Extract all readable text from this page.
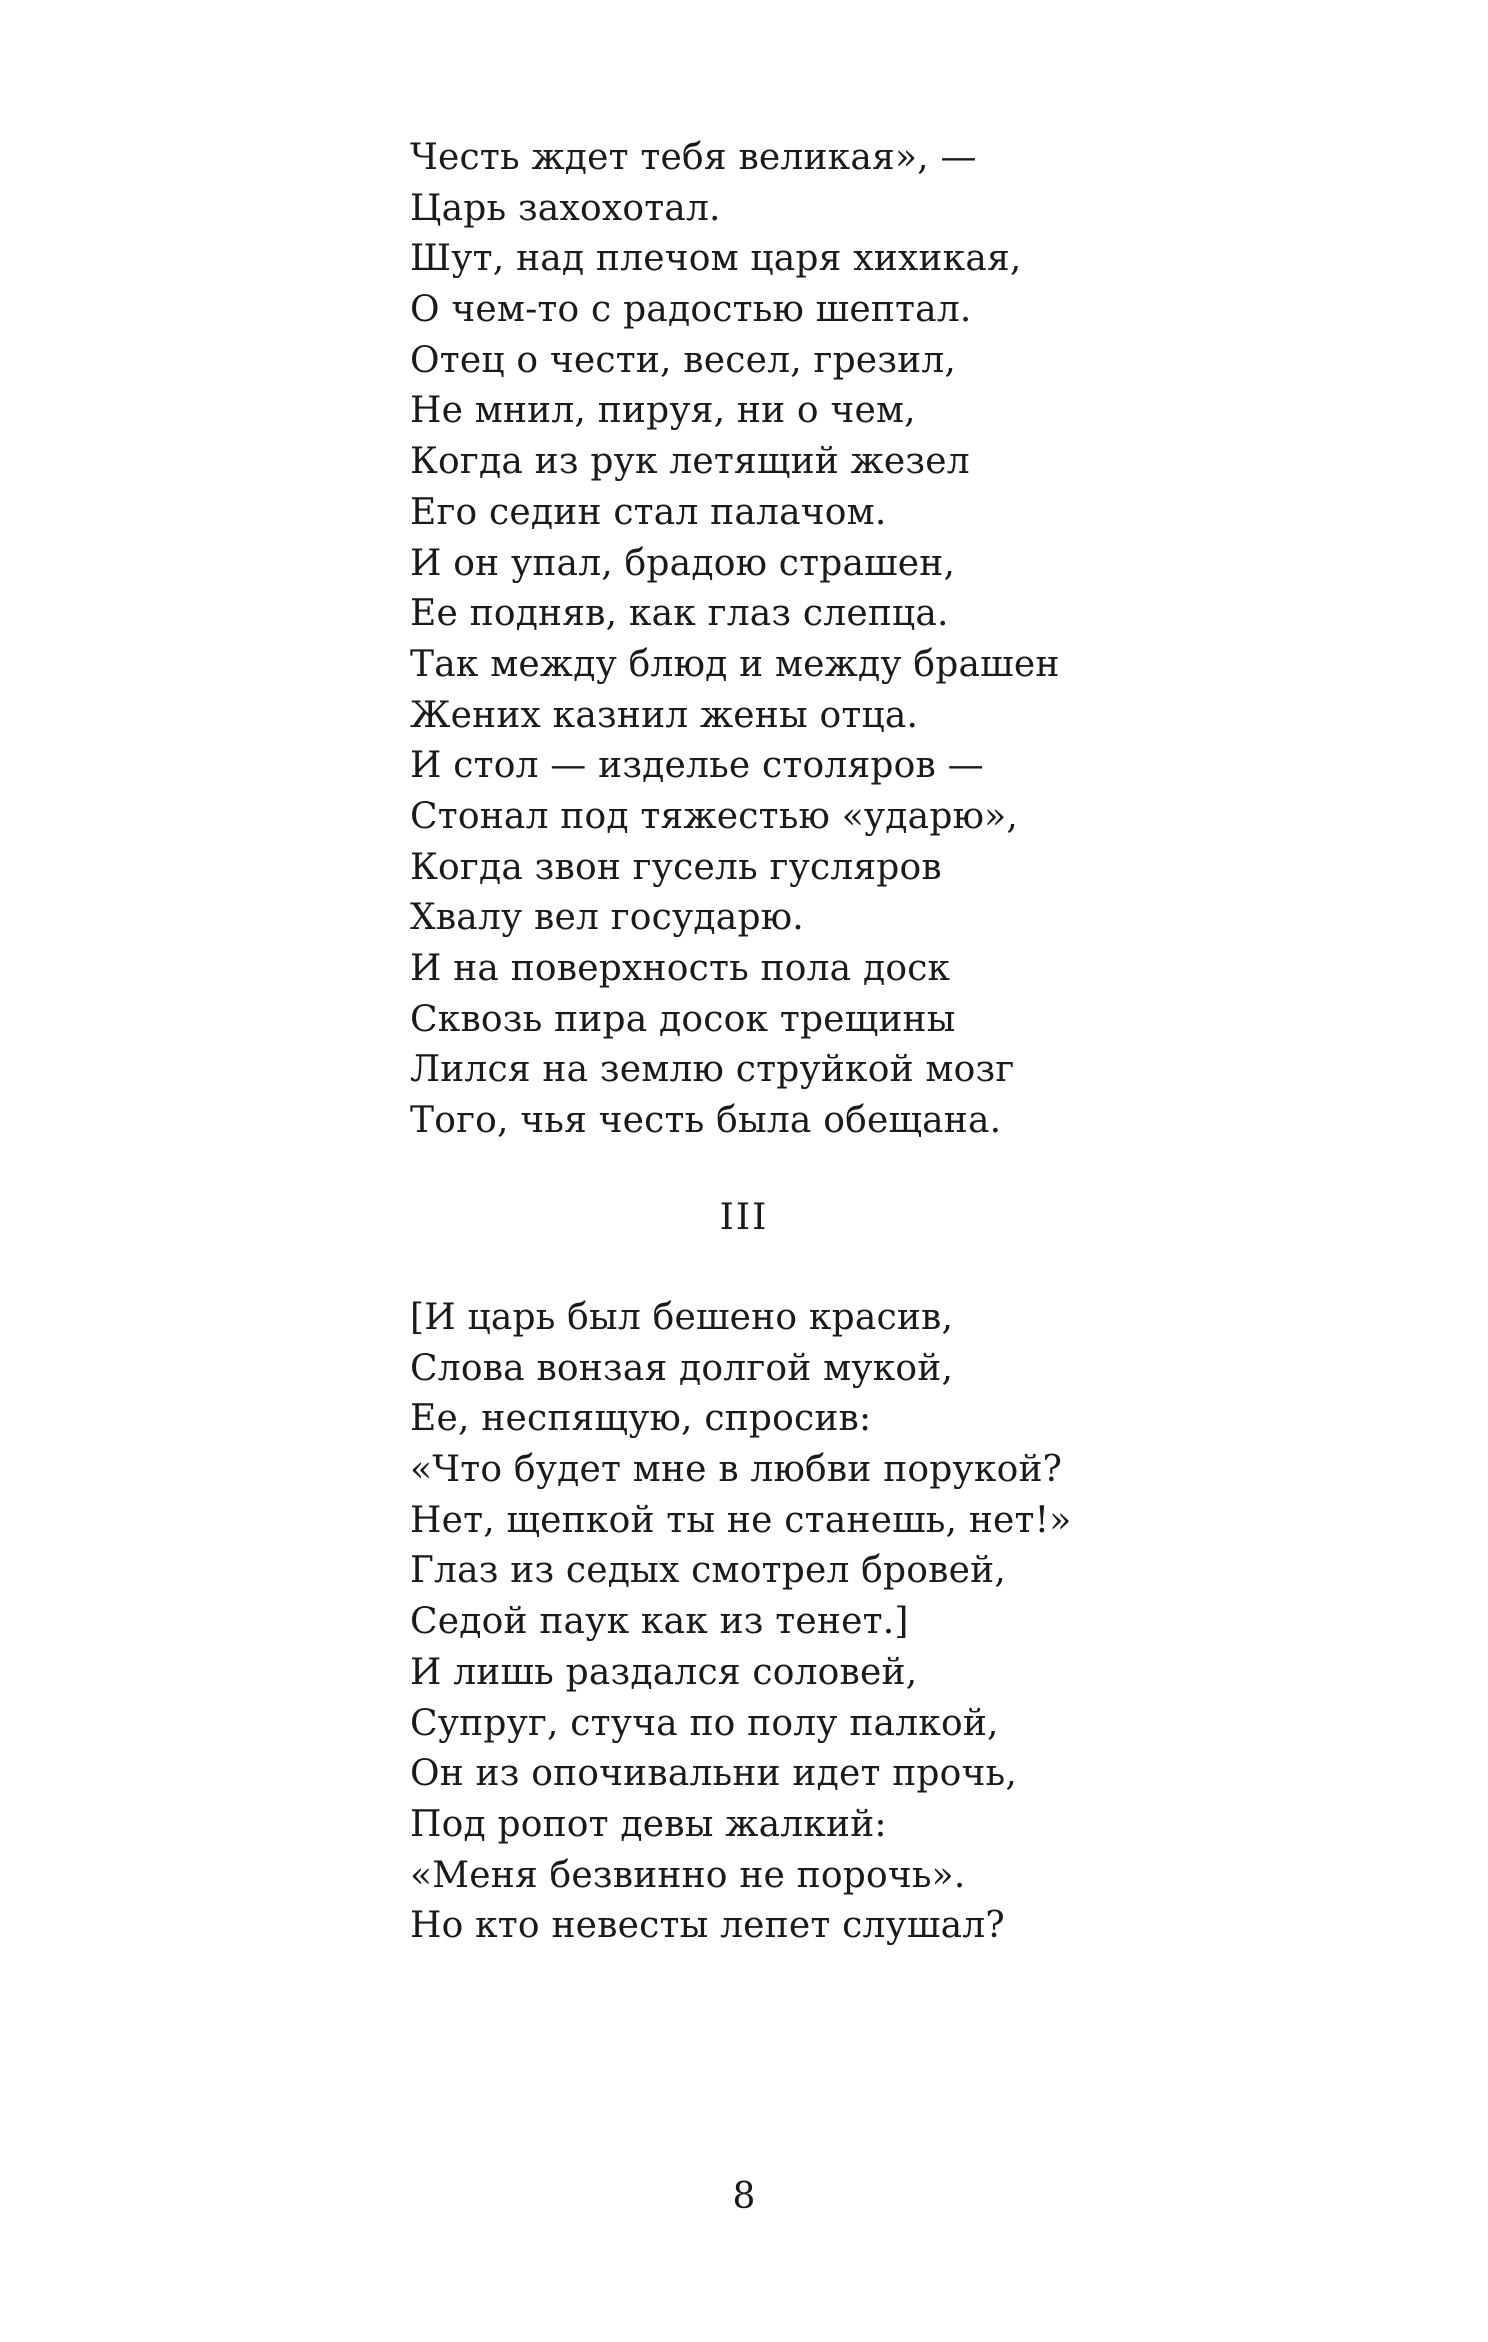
Честь ждет тебя великая», —
Царь захохотал.
Шут, над плечом царя хихикая,
О чем-то с радостью шептал.
Отец о чести, весел, грезил,
Не мнил, пируя, ни о чем,
Когда из рук летящий жезел
Его седин стал палачом.
И он упал, брадою страшен,
Ее подняв, как глаз слепца.
Так между блюд и между брашен
Жених казнил жены отца.
И стол — изделье столяров —
Стонал под тяжестью «ударю»,
Когда звон гусель гусляров
Хвалу вел государю.
И на поверхность пола доск
Сквозь пира досок трещины
Лился на землю струйкой мозг
Того, чья честь была обещана.
III
[И царь был бешено красив,
Слова вонзая долгой мукой,
Ее, неспящую, спросив:
«Что будет мне в любви порукой?
Нет, щепкой ты не станешь, нет!»
Глаз из седых смотрел бровей,
Седой паук как из тенет.]
И лишь раздался соловей,
Супруг, стуча по полу палкой,
Он из опочивальни идет прочь,
Под ропот девы жалкий:
«Меня безвинно не порочь».
Но кто невесты лепет слушал?
8
